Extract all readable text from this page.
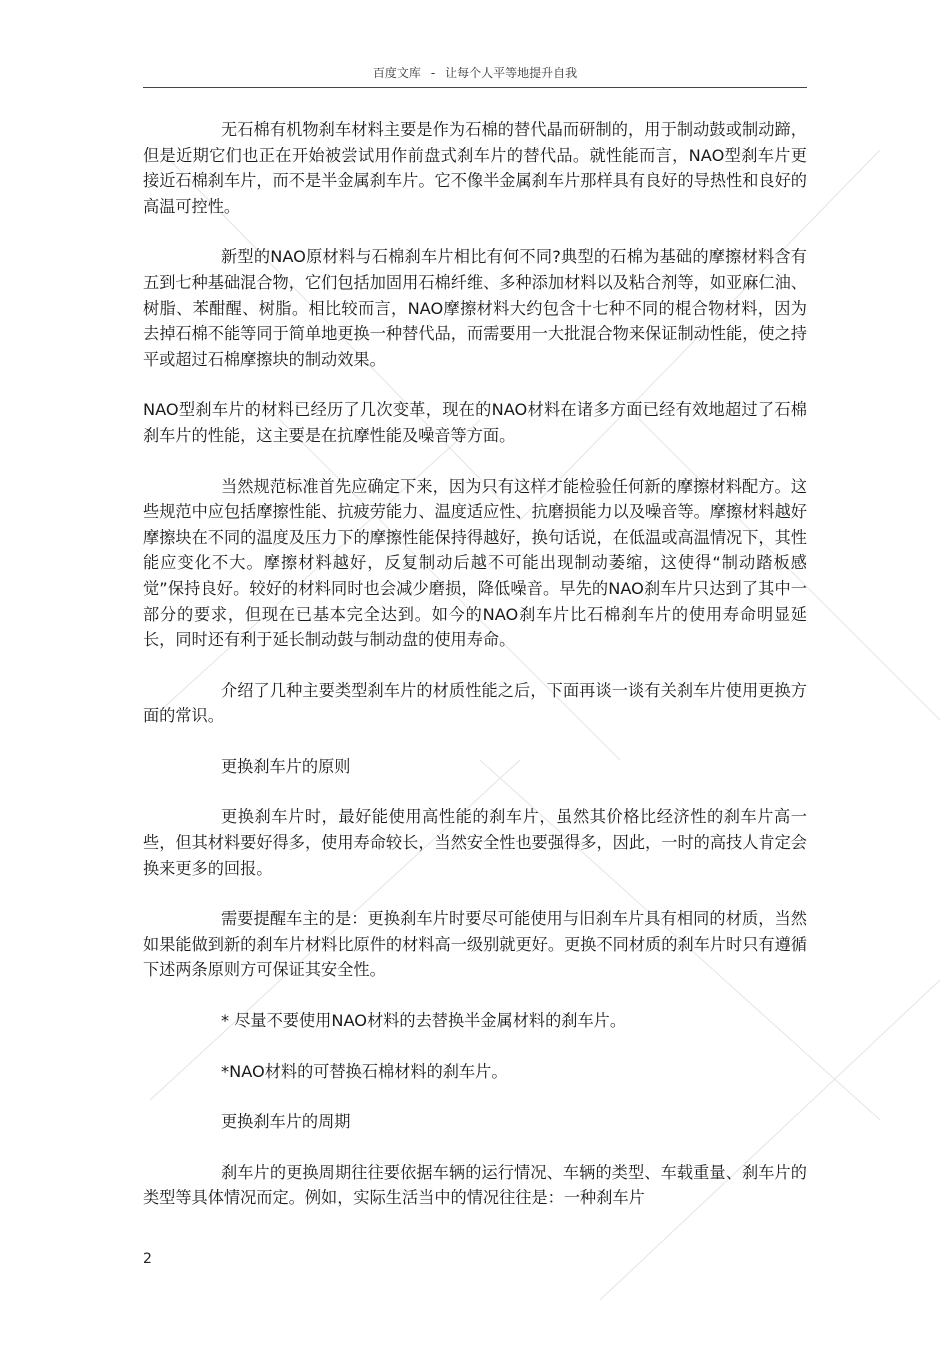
百度文库 - 让每个人平等地提升自我

无石棉有机物刹车材料主要是作为石棉的替代晶而研制的，用于制动鼓或制动蹄，但是近期它们也正在开始被尝试用作前盘式刹车片的替代品。就性能而言，NAO型刹车片更接近石棉刹车片，而不是半金属刹车片。它不像半金属刹车片那样具有良好的导热性和良好的高温可控性。

新型的NAO原材料与石棉刹车片相比有何不同?典型的石棉为基础的摩擦材料含有五到七种基础混合物，它们包括加固用石棉纤维、多种添加材料以及粘合剂等，如亚麻仁油、树脂、苯酣醒、树脂。相比较而言，NAO摩擦材料大约包含十七种不同的棍合物材料，因为去掉石棉不能等同于简单地更换一种替代品，而需要用一大批混合物来保证制动性能，使之持平或超过石棉摩擦块的制动效果。

NAO型刹车片的材料已经历了几次变革，现在的NAO材料在诸多方面已经有效地超过了石棉刹车片的性能，这主要是在抗摩性能及噪音等方面。

当然规范标准首先应确定下来，因为只有这样才能检验任何新的摩擦材料配方。这些规范中应包括摩擦性能、抗疲劳能力、温度适应性、抗磨损能力以及噪音等。摩擦材料越好摩擦块在不同的温度及压力下的摩擦性能保持得越好，换句话说，在低温或高温情况下，其性能应变化不大。摩擦材料越好，反复制动后越不可能出现制动萎缩，这使得“制动踏板感觉”保持良好。较好的材料同时也会减少磨损，降低噪音。早先的NAO刹车片只达到了其中一部分的要求，但现在已基本完全达到。如今的NAO刹车片比石棉刹车片的使用寿命明显延长，同时还有利于延长制动鼓与制动盘的使用寿命。

介绍了几种主要类型刹车片的材质性能之后，下面再谈一谈有关刹车片使用更换方面的常识。

更换刹车片的原则

更换刹车片时，最好能使用高性能的刹车片，虽然其价格比经济性的刹车片高一些，但其材料要好得多，使用寿命较长，当然安全性也要强得多，因此，一时的高技人肯定会换来更多的回报。

需要提醒车主的是：更换刹车片时要尽可能使用与旧刹车片具有相同的材质，当然如果能做到新的刹车片材料比原件的材料高一级别就更好。更换不同材质的刹车片时只有遵循下述两条原则方可保证其安全性。

* 尽量不要使用NAO材料的去替换半金属材料的刹车片。

*NAO材料的可替换石棉材料的刹车片。

更换刹车片的周期

刹车片的更换周期往往要依据车辆的运行情况、车辆的类型、车载重量、刹车片的类型等具体情况而定。例如，实际生活当中的情况往往是：一种刹车片

2
